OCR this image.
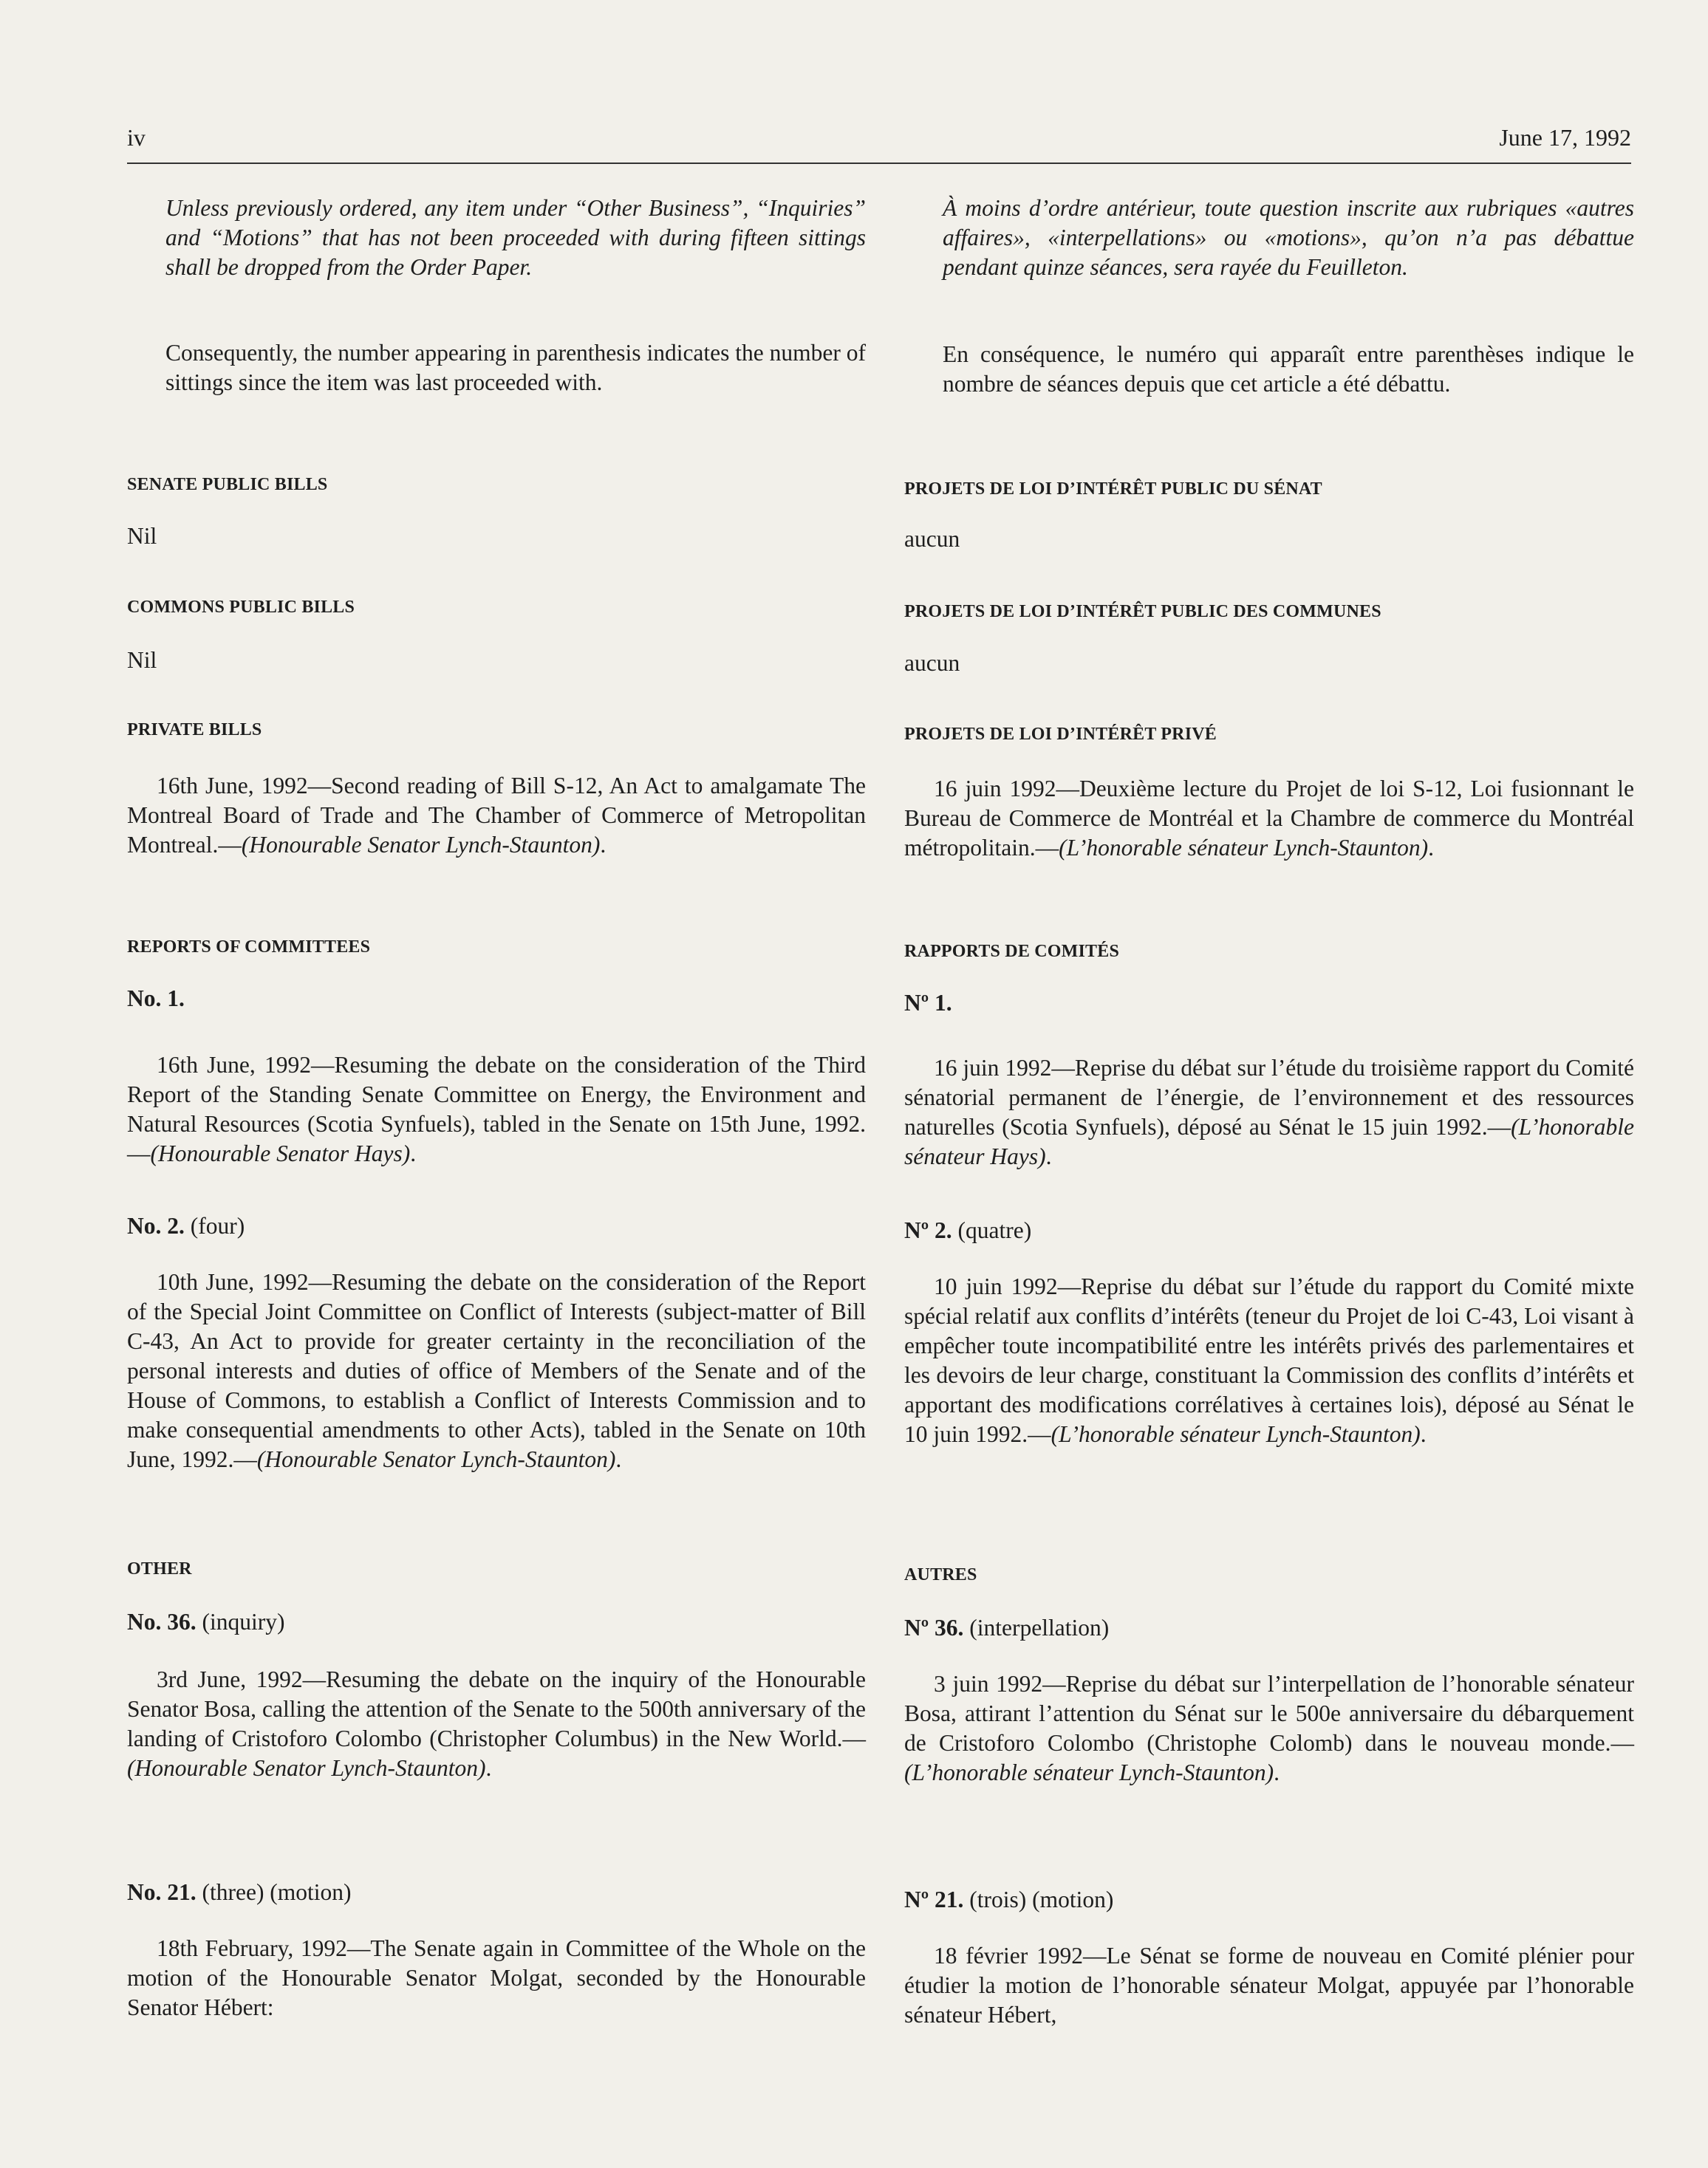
iv	June 17, 1992

Unless previously ordered, any item under “Other Business”, “Inquiries” and “Motions” that has not been proceeded with during fifteen sittings shall be dropped from the Order Paper.

Consequently, the number appearing in parenthesis indicates the number of sittings since the item was last proceeded with.

SENATE PUBLIC BILLS

Nil

COMMONS PUBLIC BILLS

Nil

PRIVATE BILLS

16th June, 1992—Second reading of Bill S-12, An Act to amalgamate The Montreal Board of Trade and The Chamber of Commerce of Metropolitan Montreal.—(Honourable Senator Lynch-Staunton).

REPORTS OF COMMITTEES

No. 1.

16th June, 1992—Resuming the debate on the consideration of the Third Report of the Standing Senate Committee on Energy, the Environment and Natural Resources (Scotia Synfuels), tabled in the Senate on 15th June, 1992.—(Honourable Senator Hays).

No. 2. (four)

10th June, 1992—Resuming the debate on the consideration of the Report of the Special Joint Committee on Conflict of Interests (subject-matter of Bill C-43, An Act to provide for greater certainty in the reconciliation of the personal interests and duties of office of Members of the Senate and of the House of Commons, to establish a Conflict of Interests Commission and to make consequential amendments to other Acts), tabled in the Senate on 10th June, 1992.—(Honourable Senator Lynch-Staunton).

OTHER

No. 36. (inquiry)

3rd June, 1992—Resuming the debate on the inquiry of the Honourable Senator Bosa, calling the attention of the Senate to the 500th anniversary of the landing of Cristoforo Colombo (Christopher Columbus) in the New World.—(Honourable Senator Lynch-Staunton).

No. 21. (three) (motion)

18th February, 1992—The Senate again in Committee of the Whole on the motion of the Honourable Senator Molgat, seconded by the Honourable Senator Hébert:

À moins d’ordre antérieur, toute question inscrite aux rubriques «autres affaires», «interpellations» ou «motions», qu’on n’a pas débattue pendant quinze séances, sera rayée du Feuilleton.

En conséquence, le numéro qui apparaît entre parenthèses indique le nombre de séances depuis que cet article a été débattu.

PROJETS DE LOI D’INTÉRÊT PUBLIC DU SÉNAT

aucun

PROJETS DE LOI D’INTÉRÊT PUBLIC DES COMMUNES

aucun

PROJETS DE LOI D’INTÉRÊT PRIVÉ

16 juin 1992—Deuxième lecture du Projet de loi S-12, Loi fusionnant le Bureau de Commerce de Montréal et la Chambre de commerce du Montréal métropolitain.—(L’honorable sénateur Lynch-Staunton).

RAPPORTS DE COMITÉS

Nº 1.

16 juin 1992—Reprise du débat sur l’étude du troisième rapport du Comité sénatorial permanent de l’énergie, de l’environnement et des ressources naturelles (Scotia Synfuels), déposé au Sénat le 15 juin 1992.—(L’honorable sénateur Hays).

Nº 2. (quatre)

10 juin 1992—Reprise du débat sur l’étude du rapport du Comité mixte spécial relatif aux conflits d’intérêts (teneur du Projet de loi C-43, Loi visant à empêcher toute incompatibilité entre les intérêts privés des parlementaires et les devoirs de leur charge, constituant la Commission des conflits d’intérêts et apportant des modifications corrélatives à certaines lois), déposé au Sénat le 10 juin 1992.—(L’honorable sénateur Lynch-Staunton).

AUTRES

Nº 36. (interpellation)

3 juin 1992—Reprise du débat sur l’interpellation de l’honorable sénateur Bosa, attirant l’attention du Sénat sur le 500e anniversaire du débarquement de Cristoforo Colombo (Christophe Colomb) dans le nouveau monde.—(L’honorable sénateur Lynch-Staunton).

Nº 21. (trois) (motion)

18 février 1992—Le Sénat se forme de nouveau en Comité plénier pour étudier la motion de l’honorable sénateur Molgat, appuyée par l’honorable sénateur Hébert,
